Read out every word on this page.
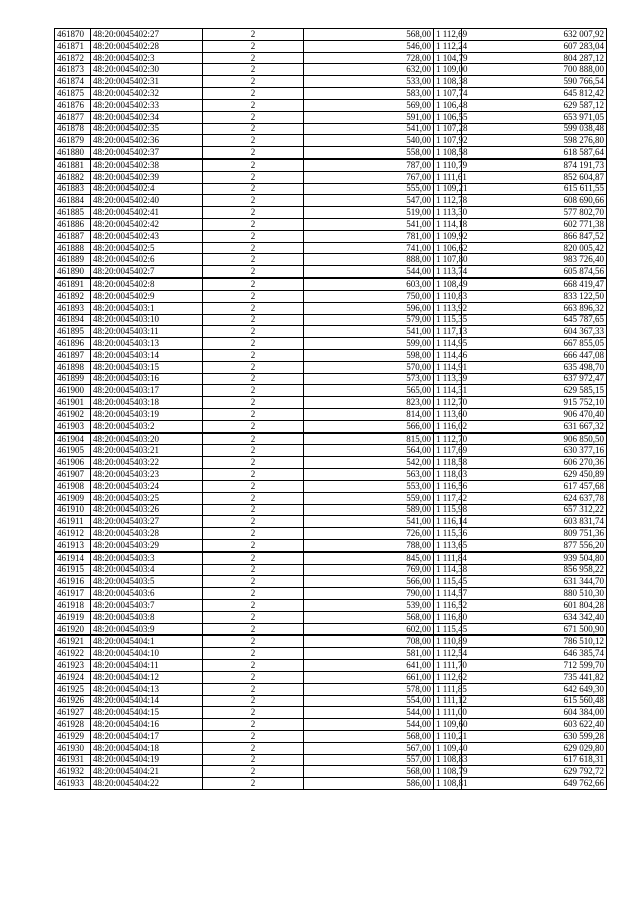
461870	48:20:0045402:27	2	568,00	1 112,69	632 007,92
461871	48:20:0045402:28	2	546,00	1 112,24	607 283,04
461872	48:20:0045402:3	2	728,00	1 104,79	804 287,12
461873	48:20:0045402:30	2	632,00	1 109,00	700 888,00
461874	48:20:0045402:31	2	533,00	1 108,38	590 766,54
461875	48:20:0045402:32	2	583,00	1 107,74	645 812,42
461876	48:20:0045402:33	2	569,00	1 106,48	629 587,12
461877	48:20:0045402:34	2	591,00	1 106,55	653 971,05
461878	48:20:0045402:35	2	541,00	1 107,28	599 038,48
461879	48:20:0045402:36	2	540,00	1 107,92	598 276,80
461880	48:20:0045402:37	2	558,00	1 108,58	618 587,64
461881	48:20:0045402:38	2	787,00	1 110,79	874 191,73
461882	48:20:0045402:39	2	767,00	1 111,61	852 604,87
461883	48:20:0045402:4	2	555,00	1 109,21	615 611,55
461884	48:20:0045402:40	2	547,00	1 112,78	608 690,66
461885	48:20:0045402:41	2	519,00	1 113,30	577 802,70
461886	48:20:0045402:42	2	541,00	1 114,18	602 771,38
461887	48:20:0045402:43	2	781,00	1 109,92	866 847,52
461888	48:20:0045402:5	2	741,00	1 106,62	820 005,42
461889	48:20:0045402:6	2	888,00	1 107,80	983 726,40
461890	48:20:0045402:7	2	544,00	1 113,74	605 874,56
461891	48:20:0045402:8	2	603,00	1 108,49	668 419,47
461892	48:20:0045402:9	2	750,00	1 110,83	833 122,50
461893	48:20:0045403:1	2	596,00	1 113,92	663 896,32
461894	48:20:0045403:10	2	579,00	1 115,35	645 787,65
461895	48:20:0045403:11	2	541,00	1 117,13	604 367,33
461896	48:20:0045403:13	2	599,00	1 114,95	667 855,05
461897	48:20:0045403:14	2	598,00	1 114,46	666 447,08
461898	48:20:0045403:15	2	570,00	1 114,91	635 498,70
461899	48:20:0045403:16	2	573,00	1 113,39	637 972,47
461900	48:20:0045403:17	2	565,00	1 114,31	629 585,15
461901	48:20:0045403:18	2	823,00	1 112,70	915 752,10
461902	48:20:0045403:19	2	814,00	1 113,60	906 470,40
461903	48:20:0045403:2	2	566,00	1 116,02	631 667,32
461904	48:20:0045403:20	2	815,00	1 112,70	906 850,50
461905	48:20:0045403:21	2	564,00	1 117,69	630 377,16
461906	48:20:0045403:22	2	542,00	1 118,58	606 270,36
461907	48:20:0045403:23	2	563,00	1 118,03	629 450,89
461908	48:20:0045403:24	2	553,00	1 116,56	617 457,68
461909	48:20:0045403:25	2	559,00	1 117,42	624 637,78
461910	48:20:0045403:26	2	589,00	1 115,98	657 312,22
461911	48:20:0045403:27	2	541,00	1 116,14	603 831,74
461912	48:20:0045403:28	2	726,00	1 115,36	809 751,36
461913	48:20:0045403:29	2	788,00	1 113,65	877 556,20
461914	48:20:0045403:3	2	845,00	1 111,84	939 504,80
461915	48:20:0045403:4	2	769,00	1 114,38	856 958,22
461916	48:20:0045403:5	2	566,00	1 115,45	631 344,70
461917	48:20:0045403:6	2	790,00	1 114,57	880 510,30
461918	48:20:0045403:7	2	539,00	1 116,52	601 804,28
461919	48:20:0045403:8	2	568,00	1 116,80	634 342,40
461920	48:20:0045403:9	2	602,00	1 115,45	671 500,90
461921	48:20:0045404:1	2	708,00	1 110,89	786 510,12
461922	48:20:0045404:10	2	581,00	1 112,54	646 385,74
461923	48:20:0045404:11	2	641,00	1 111,70	712 599,70
461924	48:20:0045404:12	2	661,00	1 112,62	735 441,82
461925	48:20:0045404:13	2	578,00	1 111,85	642 649,30
461926	48:20:0045404:14	2	554,00	1 111,12	615 560,48
461927	48:20:0045404:15	2	544,00	1 111,00	604 384,00
461928	48:20:0045404:16	2	544,00	1 109,60	603 622,40
461929	48:20:0045404:17	2	568,00	1 110,21	630 599,28
461930	48:20:0045404:18	2	567,00	1 109,40	629 029,80
461931	48:20:0045404:19	2	557,00	1 108,83	617 618,31
461932	48:20:0045404:21	2	568,00	1 108,79	629 792,72
461933	48:20:0045404:22	2	586,00	1 108,81	649 762,66
